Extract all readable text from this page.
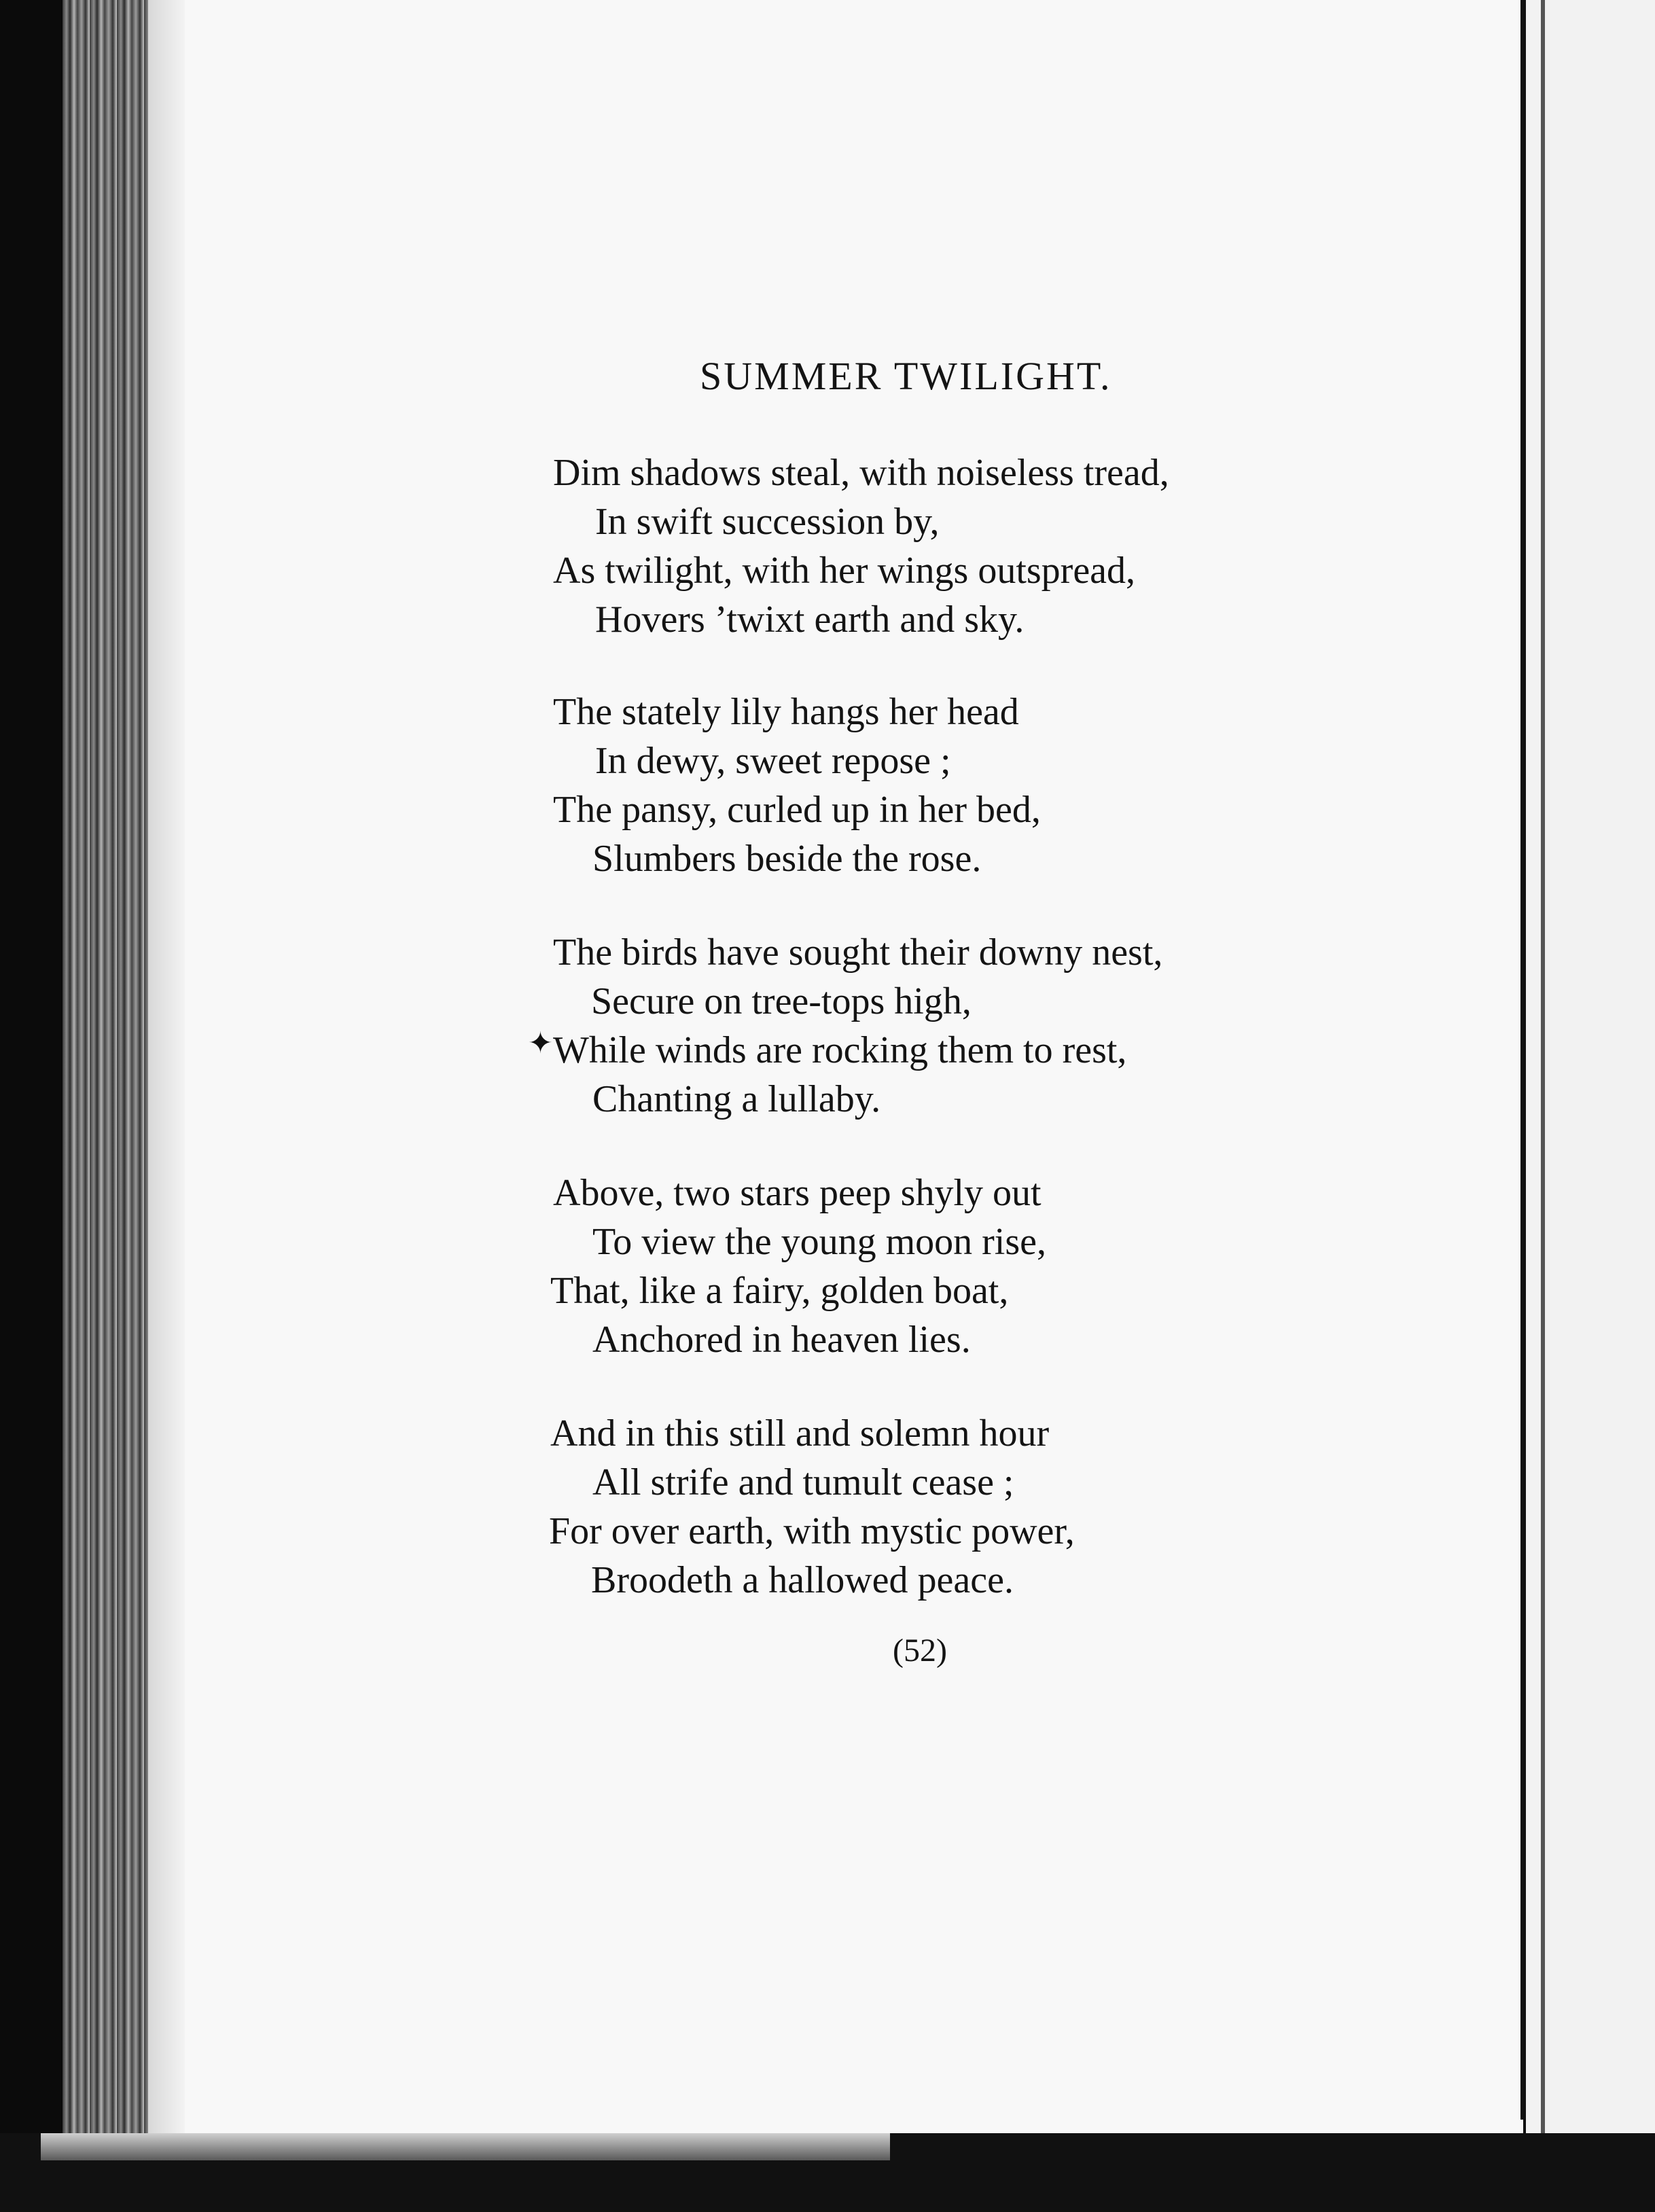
SUMMER TWILIGHT.
Dim shadows steal, with noiseless tread,
In swift succession by,
As twilight, with her wings outspread,
Hovers ’twixt earth and sky.
The stately lily hangs her head
In dewy, sweet repose ;
The pansy, curled up in her bed,
Slumbers beside the rose.
The birds have sought their downy nest,
Secure on tree-tops high,
✦ While winds are rocking them to rest,
Chanting a lullaby.
Above, two stars peep shyly out
To view the young moon rise,
That, like a fairy, golden boat,
Anchored in heaven lies.
And in this still and solemn hour
All strife and tumult cease ;
For over earth, with mystic power,
Broodeth a hallowed peace.
(52)
